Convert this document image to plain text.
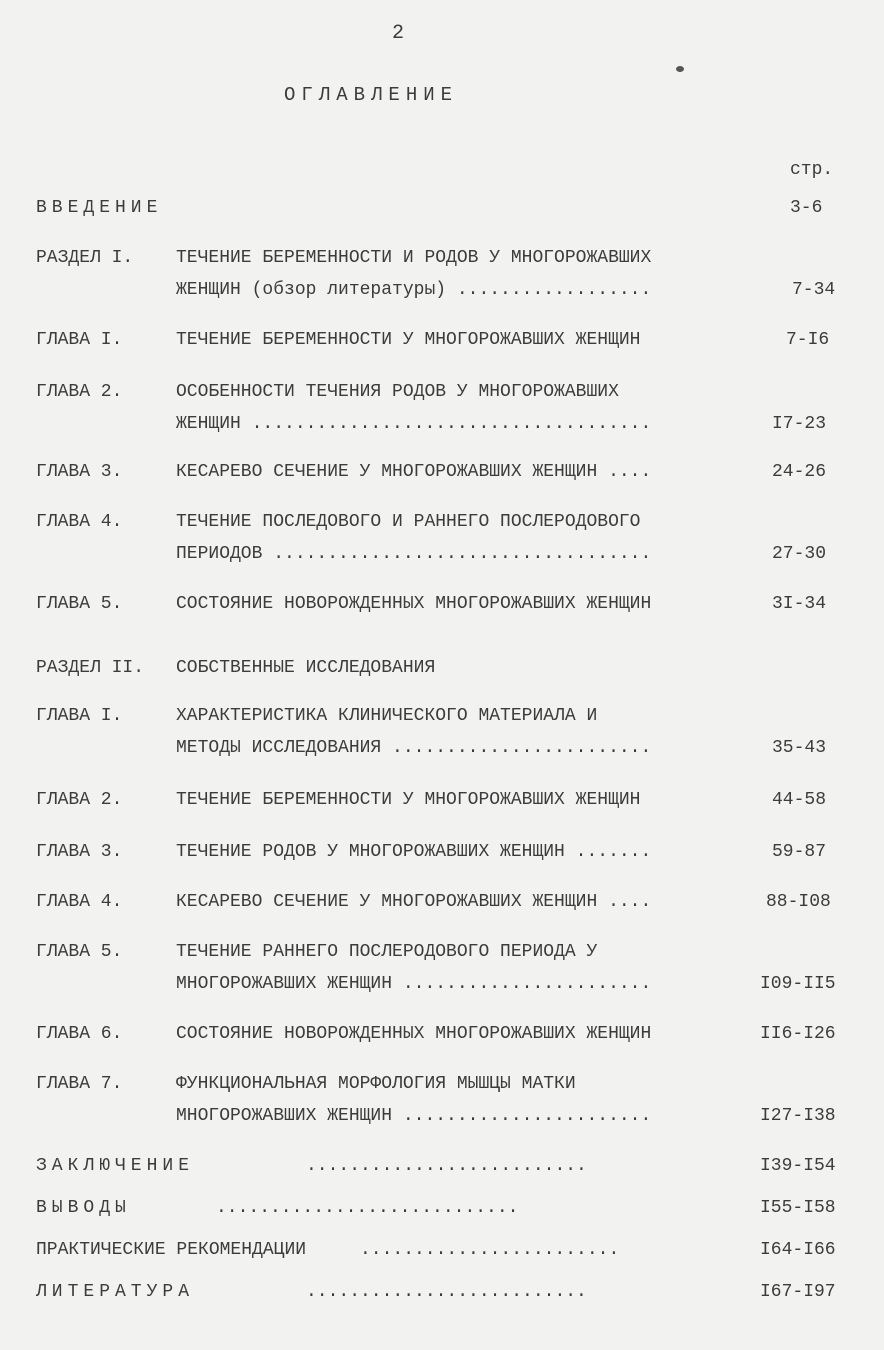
2
ОГЛАВЛЕНИЕ
стр.
ВВЕДЕНИЕ	3-6
РАЗДЕЛ I. ТЕЧЕНИЕ БЕРЕМЕННОСТИ И РОДОВ У МНОГОРОЖАВШИХ
ЖЕНЩИН (обзор литературы) ..................	7-34
ГЛАВА I.	ТЕЧЕНИЕ БЕРЕМЕННОСТИ У МНОГОРОЖАВШИХ ЖЕНЩИН	7-I6
ГЛАВА 2.	ОСОБЕННОСТИ ТЕЧЕНИЯ РОДОВ У МНОГОРОЖАВШИХ
ЖЕНЩИН .....................................	I7-23
ГЛАВА 3.	КЕСАРЕВО СЕЧЕНИЕ У МНОГОРОЖАВШИХ ЖЕНЩИН ....	24-26
ГЛАВА 4.	ТЕЧЕНИЕ ПОСЛЕДОВОГО И РАННЕГО ПОСЛЕРОДОВОГО
ПЕРИОДОВ ...................................	27-30
ГЛАВА 5.	СОСТОЯНИЕ НОВОРОЖДЕННЫХ МНОГОРОЖАВШИХ ЖЕНЩИН	3I-34
РАЗДЕЛ II. СОБСТВЕННЫЕ ИССЛЕДОВАНИЯ
ГЛАВА I.	ХАРАКТЕРИСТИКА КЛИНИЧЕСКОГО МАТЕРИАЛА И
МЕТОДЫ ИССЛЕДОВАНИЯ ........................	35-43
ГЛАВА 2.	ТЕЧЕНИЕ БЕРЕМЕННОСТИ У МНОГОРОЖАВШИХ ЖЕНЩИН	44-58
ГЛАВА 3.	ТЕЧЕНИЕ РОДОВ У МНОГОРОЖАВШИХ ЖЕНЩИН .......	59-87
ГЛАВА 4.	КЕСАРЕВО СЕЧЕНИЕ У МНОГОРОЖАВШИХ ЖЕНЩИН ....	88-I08
ГЛАВА 5.	ТЕЧЕНИЕ РАННЕГО ПОСЛЕРОДОВОГО ПЕРИОДА У
МНОГОРОЖАВШИХ ЖЕНЩИН .......................	I09-II5
ГЛАВА 6.	СОСТОЯНИЕ НОВОРОЖДЕННЫХ МНОГОРОЖАВШИХ ЖЕНЩИН	II6-I26
ГЛАВА 7.	ФУНКЦИОНАЛЬНАЯ МОРФОЛОГИЯ МЫШЦЫ МАТКИ
МНОГОРОЖАВШИХ ЖЕНЩИН .......................	I27-I38
ЗАКЛЮЧЕНИЕ	..........................	I39-I54
ВЫВОДЫ	............................	I55-I58
ПРАКТИЧЕСКИЕ РЕКОМЕНДАЦИИ	........................	I64-I66
ЛИТЕРАТУРА	..........................	I67-I97
